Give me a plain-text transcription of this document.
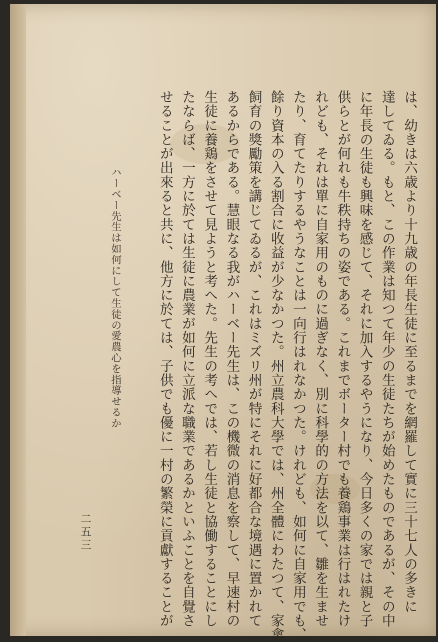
は、幼きは六歳より十九歳の年長生徒に至るまでを網羅して實に三十七人の多きに
達してゐる。もと、この作業は知つて年少の生徒たちが始めたものであるが、その中
に年長の生徒も興味を感じて、それに加入するやうになり、今日多くの家では親と子
供らとが何れも牛秩持ちの姿である。これまでボーター村でも養鶏事業は行はれたけ
れども、それは單に自家用のものに過ぎなく、別に科學的の方法を以て、雛を生ませ
たり、育てたりするやうなことは一向行はれなかつた。けれども、如何に自家用でも、
餘り資本の入る割合に收益が少なかつた。州立農科大學では、州全體にわたつて、家禽
飼育の獎勵策を講じてゐるが、これはミズリ州が特にそれに好都合な境遇に置かれて
あるからである。慧眼なる我がハーベー先生は、この機微の消息を察して、早速村の
生徒に養鶏をさせて見ようと考へた。先生の考へでは、若し生徒と協働することにし
たならば、一方に於ては生徒に農業が如何に立派な職業であるかといふことを自覺さ
せることが出來ると共に、他方に於ては、子供でも優に一村の繁榮に貢獻することが
ハーベー先生は如何にして生徒の愛農心を指導せるか
二五三
